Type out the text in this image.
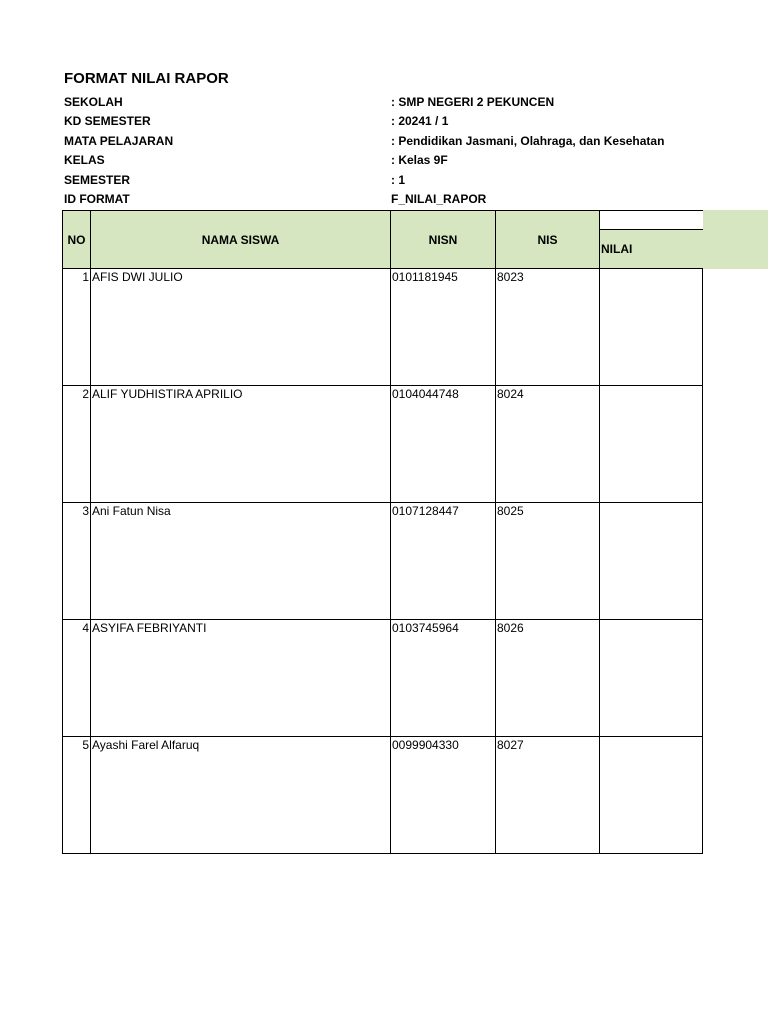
FORMAT NILAI RAPOR
SEKOLAH	: SMP NEGERI 2 PEKUNCEN
KD SEMESTER	: 20241 / 1
MATA PELAJARAN	: Pendidikan Jasmani, Olahraga, dan Kesehatan
KELAS	: Kelas 9F
SEMESTER	: 1
ID FORMAT	F_NILAI_RAPOR
NO	NAMA SISWA	NISN	NIS	
				NILAI
1	AFIS DWI JULIO	0101181945	8023	
2	ALIF YUDHISTIRA APRILIO	0104044748	8024	
3	Ani Fatun Nisa	0107128447	8025	
4	ASYIFA FEBRIYANTI	0103745964	8026	
5	Ayashi Farel Alfaruq	0099904330	8027	
